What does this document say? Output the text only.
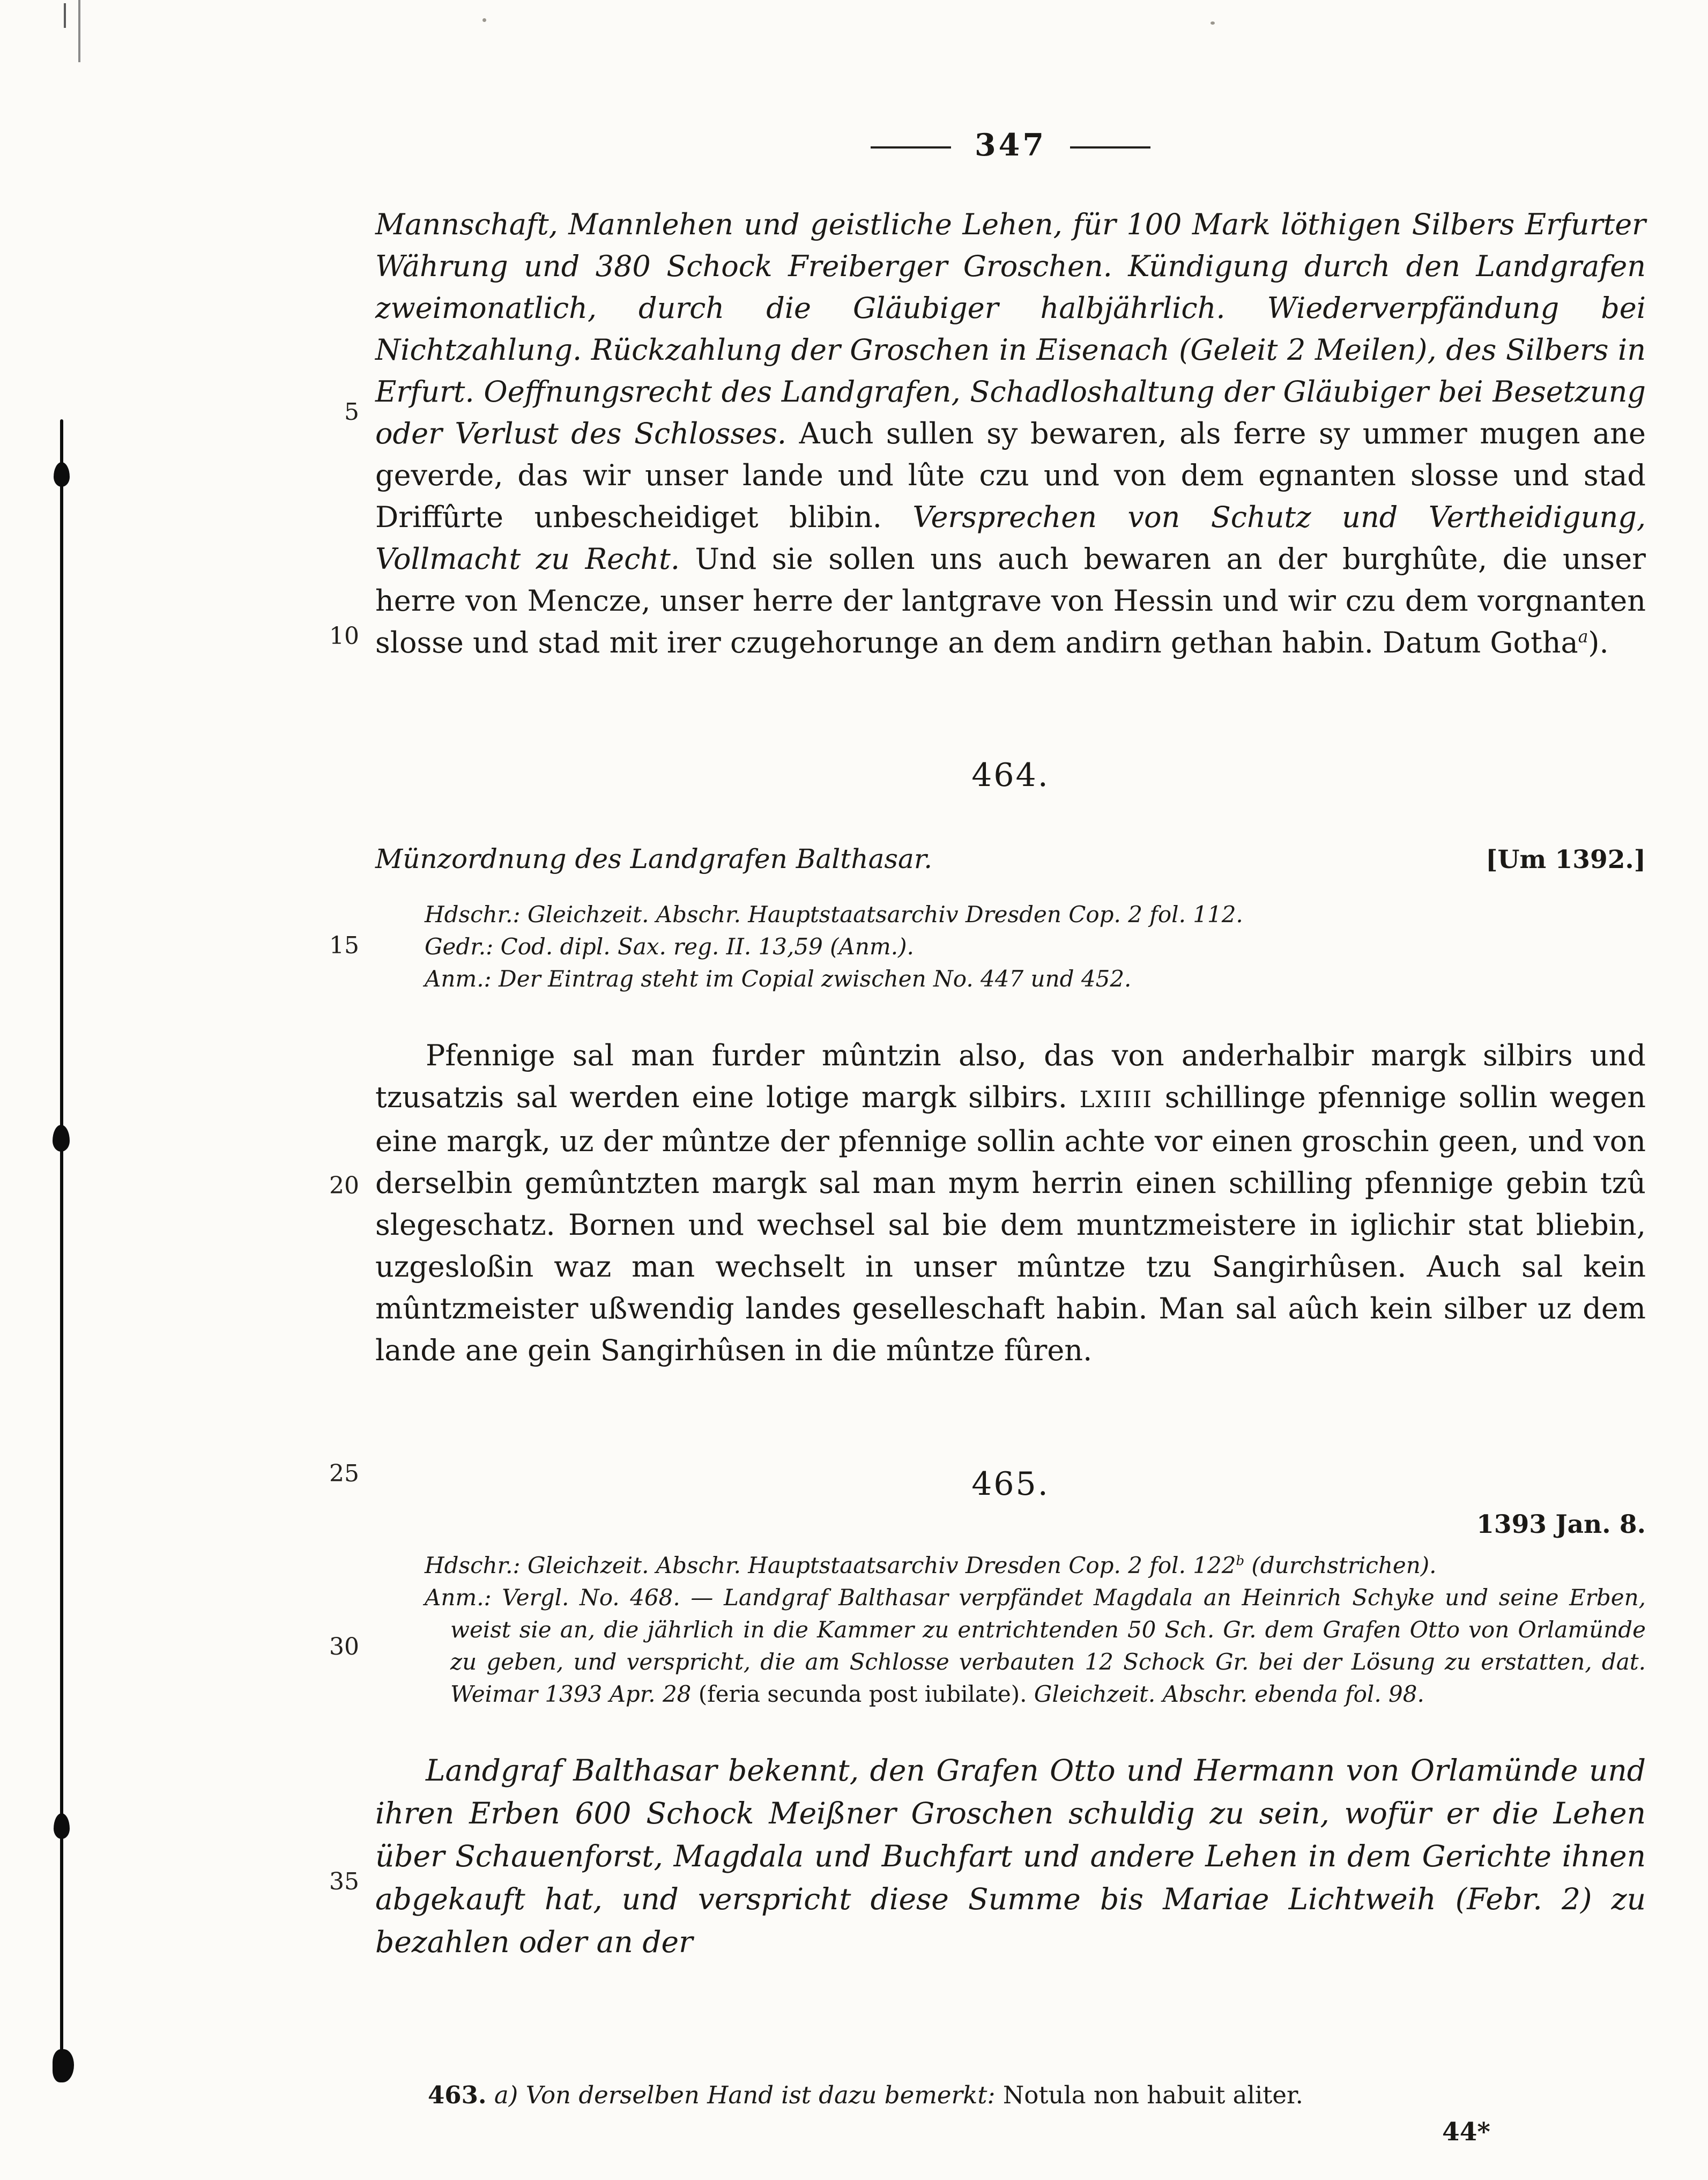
5
10
15
20
25
30
35
347

Mannschaft, Mannlehen und geistliche Lehen, für 100 Mark löthigen Silbers Erfurter Währung und 380 Schock Freiberger Groschen. Kündigung durch den Landgrafen zweimonatlich, durch die Gläubiger halbjährlich. Wiederverpfändung bei Nichtzahlung. Rückzahlung der Groschen in Eisenach (Geleit 2 Meilen), des Silbers in Erfurt. Oeffnungsrecht des Landgrafen, Schadloshaltung der Gläubiger bei Besetzung oder Verlust des Schlosses. Auch sullen sy bewaren, als ferre sy ummer mugen ane geverde, das wir unser lande und lûte czu und von dem egnanten slosse und stad Driffûrte unbescheidiget blibin. Versprechen von Schutz und Vertheidigung, Vollmacht zu Recht. Und sie sollen uns auch bewaren an der burghûte, die unser herre von Mencze, unser herre der lantgrave von Hessin und wir czu dem vorgnanten slosse und stad mit irer czugehorunge an dem andirn gethan habin. Datum Gotha$^a$).

464.
Münzordnung des Landgrafen Balthasar.	[Um 1392.]

Hdschr.: Gleichzeit. Abschr. Hauptstaatsarchiv Dresden Cop. 2 fol. 112.

Gedr.: Cod. dipl. Sax. reg. II. 13,59 (Anm.).

Anm.: Der Eintrag steht im Copial zwischen No. 447 und 452.

Pfennige sal man furder mûntzin also, das von anderhalbir margk silbirs und tzusatzis sal werden eine lotige margk silbirs. LXIIII schillinge pfennige sollin wegen eine margk, uz der mûntze der pfennige sollin achte vor einen groschin geen, und von derselbin gemûntzten margk sal man mym herrin einen schilling pfennige gebin tzû slegeschatz. Bornen und wechsel sal bie dem muntzmeistere in iglichir stat bliebin, uzgesloßin waz man wechselt in unser mûntze tzu Sangirhûsen. Auch sal kein mûntzmeister ußwendig landes geselleschaft habin. Man sal aûch kein silber uz dem lande ane gein Sangirhûsen in die mûntze fûren.

465.
1393 Jan. 8.

Hdschr.: Gleichzeit. Abschr. Hauptstaatsarchiv Dresden Cop. 2 fol. 122$^b$ (durchstrichen).

Anm.: Vergl. No. 468. — Landgraf Balthasar verpfändet Magdala an Heinrich Schyke und seine Erben, weist sie an, die jährlich in die Kammer zu entrichtenden 50 Sch. Gr. dem Grafen Otto von Orlamünde zu geben, und verspricht, die am Schlosse verbauten 12 Schock Gr. bei der Lösung zu erstatten, dat. Weimar 1393 Apr. 28 (feria secunda post iubilate). Gleichzeit. Abschr. ebenda fol. 98.

Landgraf Balthasar bekennt, den Grafen Otto und Hermann von Orlamünde und ihren Erben 600 Schock Meißner Groschen schuldig zu sein, wofür er die Lehen über Schauenforst, Magdala und Buchfart und andere Lehen in dem Gerichte ihnen abgekauft hat, und verspricht diese Summe bis Mariae Lichtweih (Febr. 2) zu bezahlen oder an der

463. a) Von derselben Hand ist dazu bemerkt: Notula non habuit aliter.

44*
